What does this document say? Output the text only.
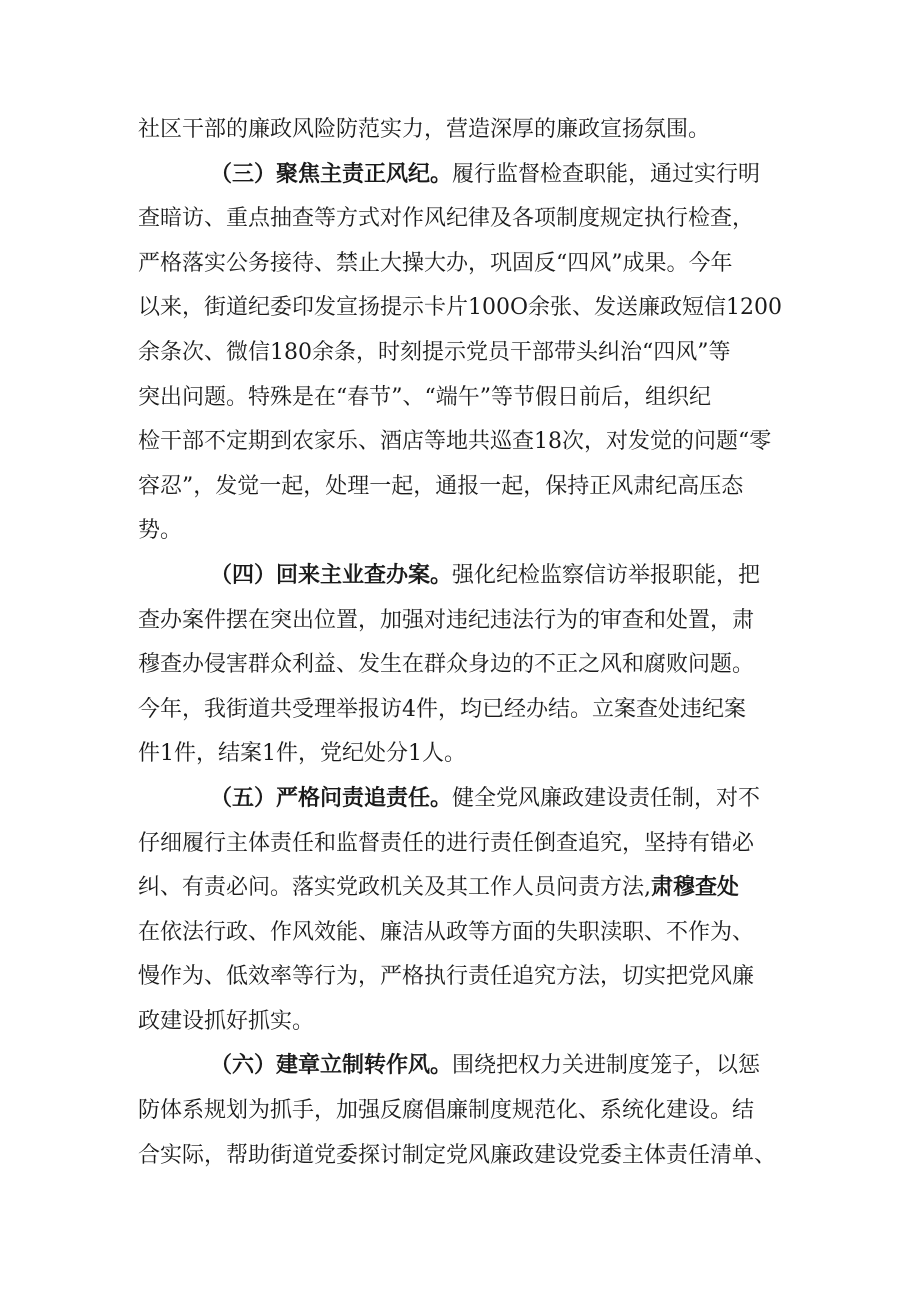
社区干部的廉政风险防范实力，营造深厚的廉政宣扬氛围。
（三）聚焦主责正风纪。履行监督检查职能，通过实行明
查暗访、重点抽查等方式对作风纪律及各项制度规定执行检查，
严格落实公务接待、禁止大操大办，巩固反“四风”成果。今年
以来，街道纪委印发宣扬提示卡片100O余张、发送廉政短信1200
余条次、微信180余条，时刻提示党员干部带头纠治“四风”等
突出问题。特殊是在“春节”、“端午”等节假日前后，组织纪
检干部不定期到农家乐、酒店等地共巡查18次，对发觉的问题“零
容忍”，发觉一起，处理一起，通报一起，保持正风肃纪高压态
势。
（四）回来主业查办案。强化纪检监察信访举报职能，把
查办案件摆在突出位置，加强对违纪违法行为的审查和处置，肃
穆查办侵害群众利益、发生在群众身边的不正之风和腐败问题。
今年，我街道共受理举报访4件，均已经办结。立案查处违纪案
件1件，结案1件，党纪处分1人。
（五）严格问责追责任。健全党风廉政建设责任制，对不
仔细履行主体责任和监督责任的进行责任倒查追究，坚持有错必
纠、有责必问。落实党政机关及其工作人员问责方法,肃穆查处
在依法行政、作风效能、廉洁从政等方面的失职渎职、不作为、
慢作为、低效率等行为，严格执行责任追究方法，切实把党风廉
政建设抓好抓实。
（六）建章立制转作风。围绕把权力关进制度笼子，以惩
防体系规划为抓手，加强反腐倡廉制度规范化、系统化建设。结
合实际，帮助街道党委探讨制定党风廉政建设党委主体责任清单、
